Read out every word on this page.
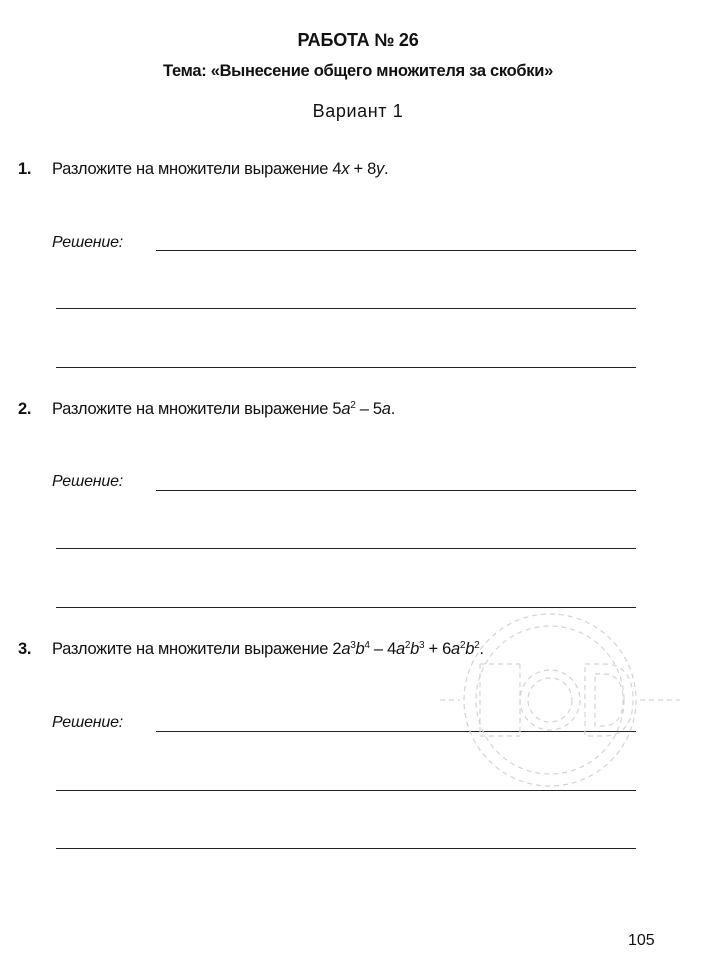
РАБОТА № 26
Тема: «Вынесение общего множителя за скобки»
Вариант 1
1. Разложите на множители выражение 4x + 8y.
Решение:
2. Разложите на множители выражение $5a^2 - 5a$.
Решение:
3. Разложите на множители выражение $2a^3b^4 - 4a^2b^3 + 6a^2b^2$.
Решение:
105
